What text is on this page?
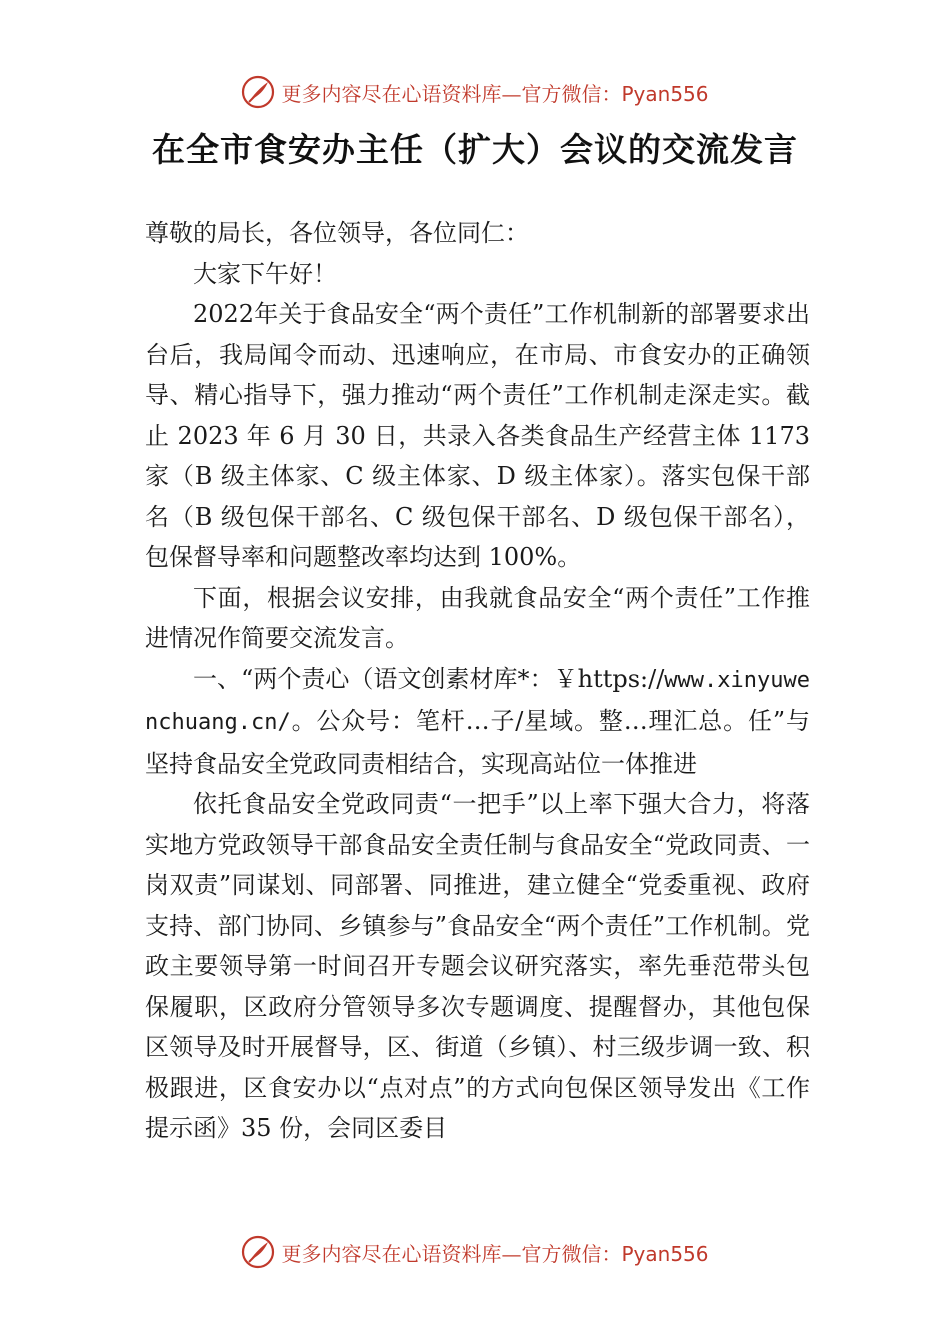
更多内容尽在心语资料库—官方微信：Pyan556
在全市食安办主任（扩大）会议的交流发言

尊敬的局长，各位领导，各位同仁：

大家下午好！

2022年关于食品安全“两个责任”工作机制新的部署要求出台后，我局闻令而动、迅速响应，在市局、市食安办的正确领导、精心指导下，强力推动“两个责任”工作机制走深走实。截止 2023 年 6 月 30 日，共录入各类食品生产经营主体 1173 家（B 级主体家、C 级主体家、D 级主体家）。落实包保干部名（B 级包保干部名、C 级包保干部名、D 级包保干部名），包保督导率和问题整改率均达到 100%。

下面，根据会议安排，由我就食品安全“两个责任”工作推进情况作简要交流发言。

一、“两个责心（语文创素材库*：￥https://www.xinyuwenchuang.cn/。公众号：笔杆…子/星域。整…理汇总。任”与坚持食品安全党政同责相结合，实现高站位一体推进

依托食品安全党政同责“一把手”以上率下强大合力，将落实地方党政领导干部食品安全责任制与食品安全“党政同责、一岗双责”同谋划、同部署、同推进，建立健全“党委重视、政府支持、部门协同、乡镇参与”食品安全“两个责任”工作机制。党政主要领导第一时间召开专题会议研究落实，率先垂范带头包保履职，区政府分管领导多次专题调度、提醒督办，其他包保区领导及时开展督导，区、街道（乡镇）、村三级步调一致、积极跟进，区食安办以“点对点”的方式向包保区领导发出《工作提示函》35 份，会同区委目

更多内容尽在心语资料库—官方微信：Pyan556
